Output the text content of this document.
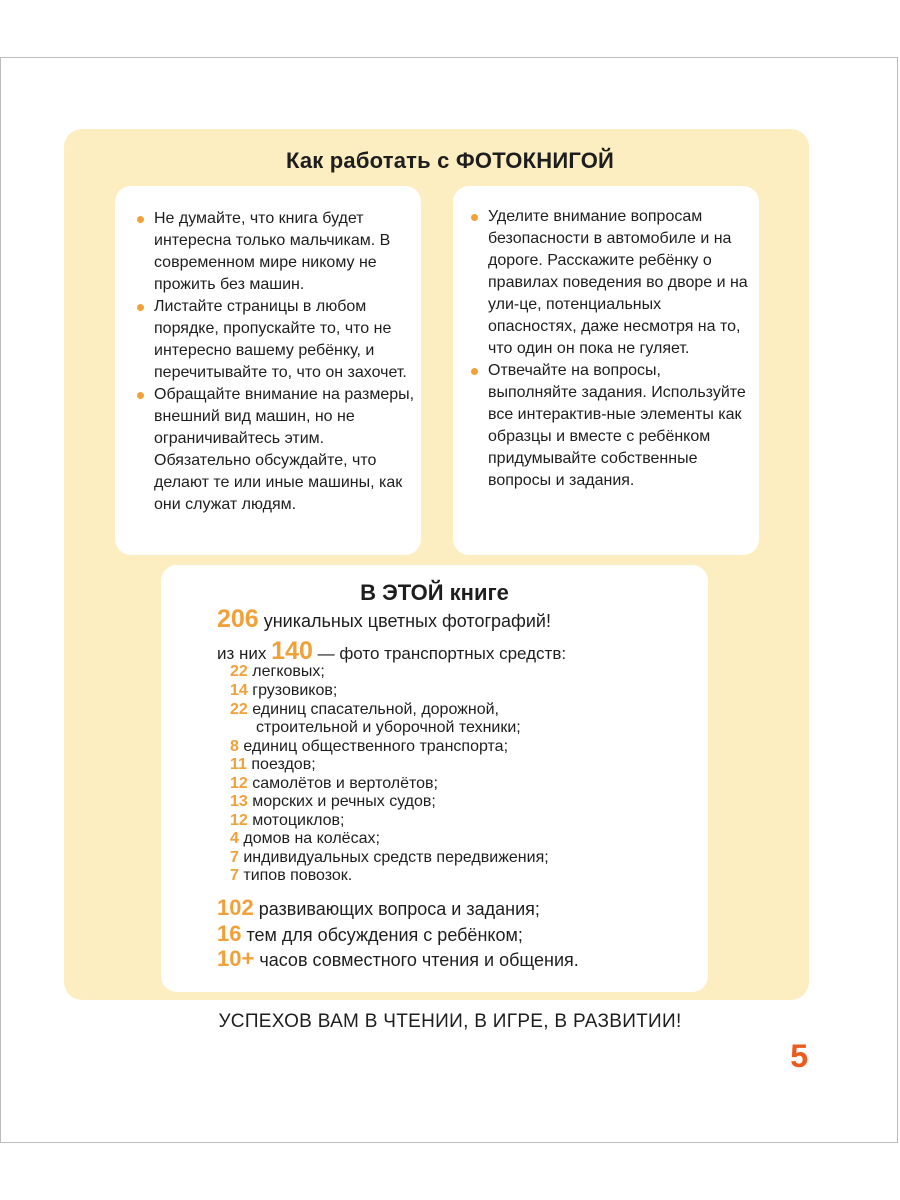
Как работать с ФОТОКНИГОЙ
Не думайте, что книга будет интересна только мальчикам. В современном мире никому не прожить без машин.
Листайте страницы в любом порядке, пропускайте то, что не интересно вашему ребёнку, и перечитывайте то, что он захочет.
Обращайте внимание на размеры, внешний вид машин, но не ограничивайтесь этим. Обязательно обсуждайте, что делают те или иные машины, как они служат людям.
Уделите внимание вопросам безопасности в автомобиле и на дороге. Расскажите ребёнку о правилах поведения во дворе и на ули-це, потенциальных опасностях, даже несмотря на то, что один он пока не гуляет.
Отвечайте на вопросы, выполняйте задания. Используйте все интерактив-ные элементы как образцы и вместе с ребёнком придумывайте собственные вопросы и задания.
В ЭТОЙ книге
206 уникальных цветных фотографий!
из них 140 — фото транспортных средств:
22 легковых;
14 грузовиков;
22 единиц спасательной, дорожной,
строительной и уборочной техники;
8 единиц общественного транспорта;
11 поездов;
12 самолётов и вертолётов;
13 морских и речных судов;
12 мотоциклов;
4 домов на колёсах;
7 индивидуальных средств передвижения;
7 типов повозок.
102 развивающих вопроса и задания;
16 тем для обсуждения с ребёнком;
10+ часов совместного чтения и общения.
УСПЕХОВ ВАМ В ЧТЕНИИ, В ИГРЕ, В РАЗВИТИИ!
5
